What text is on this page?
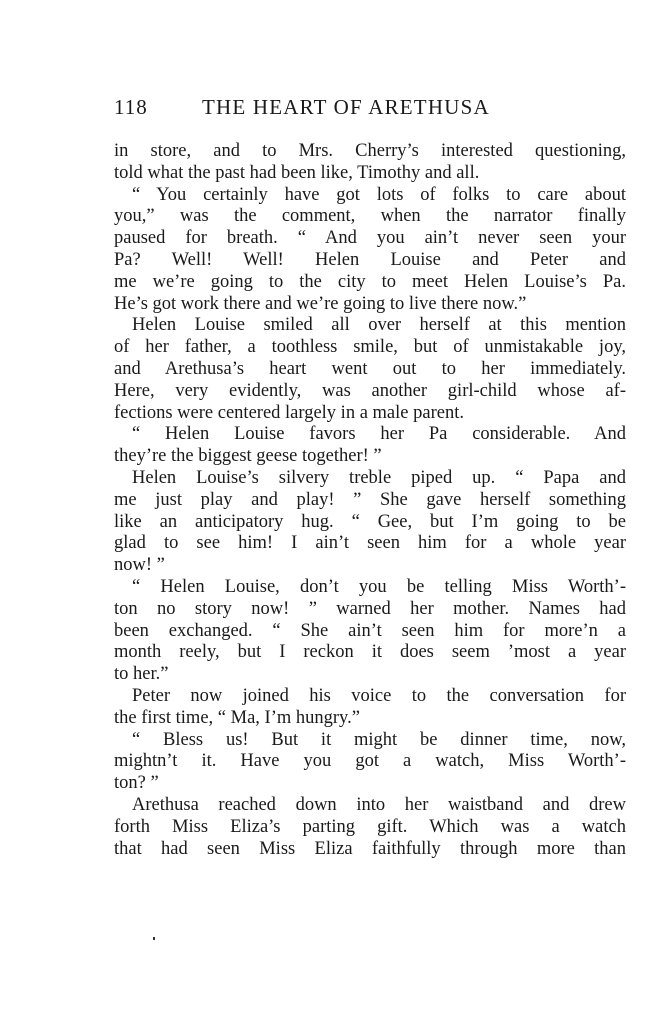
118	THE HEART OF ARETHUSA
in store, and to Mrs. Cherry’s interested questioning,
told what the past had been like, Timothy and all.
“ You certainly have got lots of folks to care about
you,” was the comment, when the narrator finally
paused for breath. “ And you ain’t never seen your
Pa? Well! Well! Helen Louise and Peter and
me we’re going to the city to meet Helen Louise’s Pa.
He’s got work there and we’re going to live there now.”
Helen Louise smiled all over herself at this mention
of her father, a toothless smile, but of unmistakable joy,
and Arethusa’s heart went out to her immediately.
Here, very evidently, was another girl-child whose af-
fections were centered largely in a male parent.
“ Helen Louise favors her Pa considerable. And
they’re the biggest geese together! ”
Helen Louise’s silvery treble piped up. “ Papa and
me just play and play! ” She gave herself something
like an anticipatory hug. “ Gee, but I’m going to be
glad to see him! I ain’t seen him for a whole year
now! ”
“ Helen Louise, don’t you be telling Miss Worth’-
ton no story now! ” warned her mother. Names had
been exchanged. “ She ain’t seen him for more’n a
month reely, but I reckon it does seem ’most a year
to her.”
Peter now joined his voice to the conversation for
the first time, “ Ma, I’m hungry.”
“ Bless us! But it might be dinner time, now,
mightn’t it. Have you got a watch, Miss Worth’-
ton? ”
Arethusa reached down into her waistband and drew
forth Miss Eliza’s parting gift. Which was a watch
that had seen Miss Eliza faithfully through more than
